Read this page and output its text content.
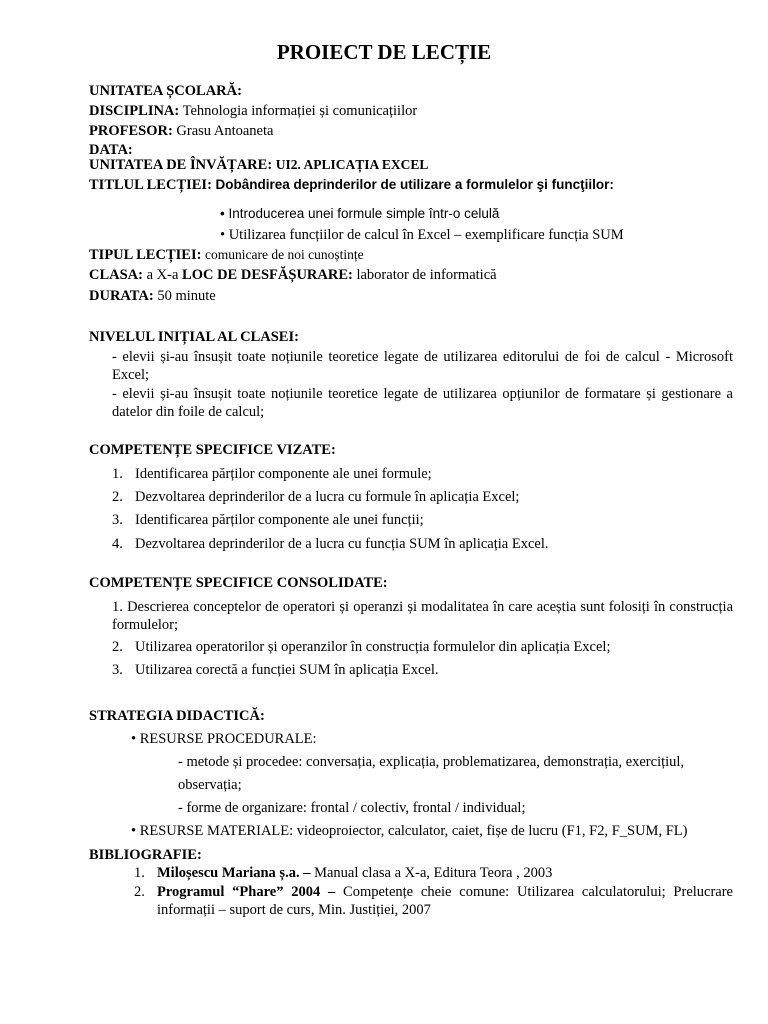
PROIECT DE LECȚIE
UNITATEA ȘCOLARĂ:
DISCIPLINA: Tehnologia informației și comunicațiilor
PROFESOR: Grasu Antoaneta
DATA:
UNITATEA DE ÎNVĂȚARE: UI2. APLICAȚIA EXCEL
TITLUL LECȚIEI: Dobândirea deprinderilor de utilizare a formulelor şi funcţiilor:
• Introducerea unei formule simple într-o celulă
• Utilizarea funcțiilor de calcul în Excel – exemplificare funcția SUM
TIPUL LECȚIEI: comunicare de noi cunoștințe
CLASA: a X-a LOC DE DESFĂȘURARE: laborator de informatică
DURATA: 50 minute
NIVELUL INIȚIAL AL CLASEI:
- elevii și-au însușit toate noțiunile teoretice legate de utilizarea editorului de foi de calcul - Microsoft Excel;
- elevii și-au însușit toate noțiunile teoretice legate de utilizarea opțiunilor de formatare și gestionare a datelor din foile de calcul;
COMPETENȚE SPECIFICE VIZATE:
1. Identificarea părților componente ale unei formule;
2. Dezvoltarea deprinderilor de a lucra cu formule în aplicația Excel;
3. Identificarea părților componente ale unei funcții;
4. Dezvoltarea deprinderilor de a lucra cu funcția SUM în aplicația Excel.
COMPETENȚE SPECIFICE CONSOLIDATE:
1. Descrierea conceptelor de operatori și operanzi și modalitatea în care aceștia sunt folosiți în construcția formulelor;
2. Utilizarea operatorilor și operanzilor în construcția formulelor din aplicația Excel;
3. Utilizarea corectă a funcției SUM în aplicația Excel.
STRATEGIA DIDACTICĂ:
• RESURSE PROCEDURALE:
- metode și procedee: conversația, explicația, problematizarea, demonstrația, exercițiul,
observația;
- forme de organizare: frontal / colectiv, frontal / individual;
• RESURSE MATERIALE: videoproiector, calculator, caiet, fișe de lucru (F1, F2, F_SUM, FL)
BIBLIOGRAFIE:
1. Miloșescu Mariana ș.a. – Manual clasa a X-a, Editura Teora , 2003
2. Programul “Phare” 2004 – Competențe cheie comune: Utilizarea calculatorului; Prelucrare informații – suport de curs, Min. Justiției, 2007
